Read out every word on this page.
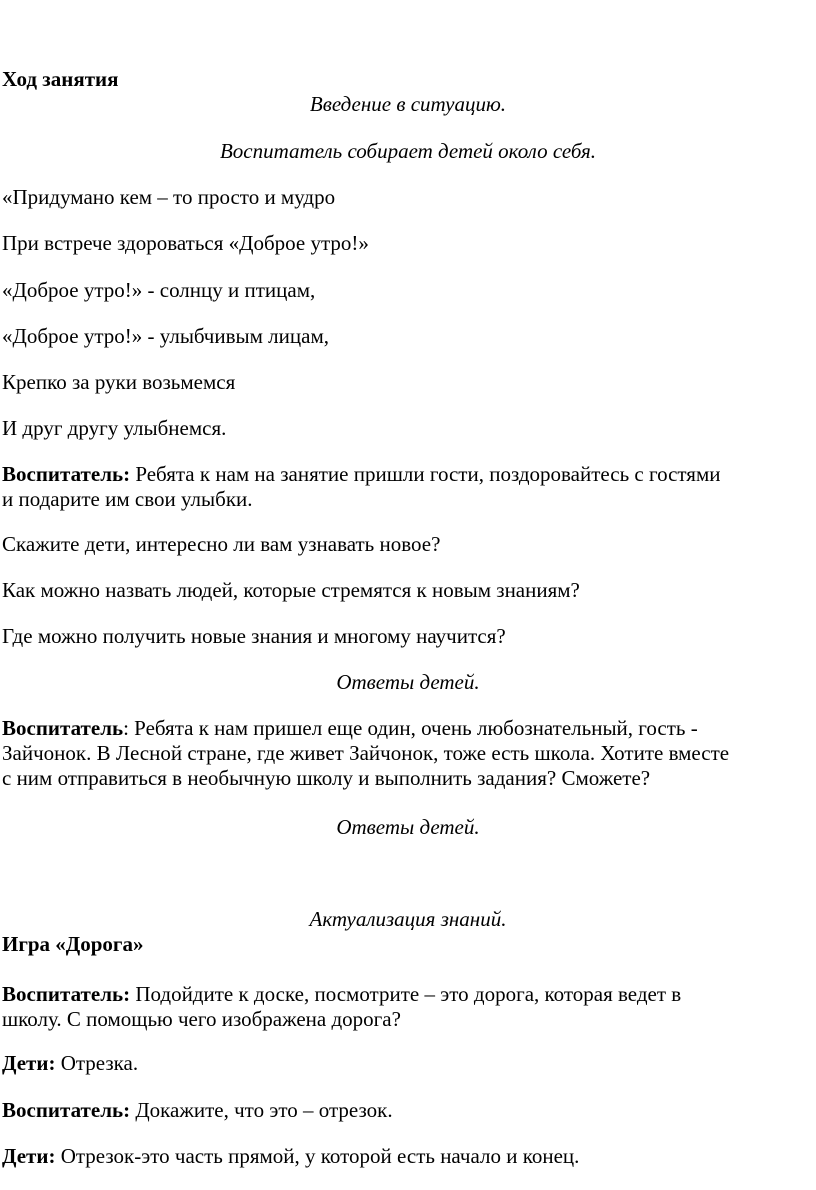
Ход занятия
Введение в ситуацию.
Воспитатель собирает детей около себя.
«Придумано кем – то просто и мудро
При встрече здороваться «Доброе утро!»
«Доброе утро!» - солнцу и птицам,
«Доброе утро!» - улыбчивым лицам,
Крепко за руки возьмемся
И друг другу улыбнемся.
Воспитатель: Ребята к нам на занятие пришли гости, поздоровайтесь с гостями
и подарите им свои улыбки.
Скажите дети, интересно ли вам узнавать новое?
Как можно назвать людей, которые стремятся к новым знаниям?
Где можно получить новые знания и многому научится?
Ответы детей.
Воспитатель: Ребята к нам пришел еще один, очень любознательный, гость -
Зайчонок. В Лесной стране, где живет Зайчонок, тоже есть школа. Хотите вместе
с ним отправиться в необычную школу и выполнить задания? Сможете?
Ответы детей.
Актуализация знаний.
Игра «Дорога»
Воспитатель: Подойдите к доске, посмотрите – это дорога, которая ведет в
школу. С помощью чего изображена дорога?
Дети: Отрезка.
Воспитатель: Докажите, что это – отрезок.
Дети: Отрезок-это часть прямой, у которой есть начало и конец.
